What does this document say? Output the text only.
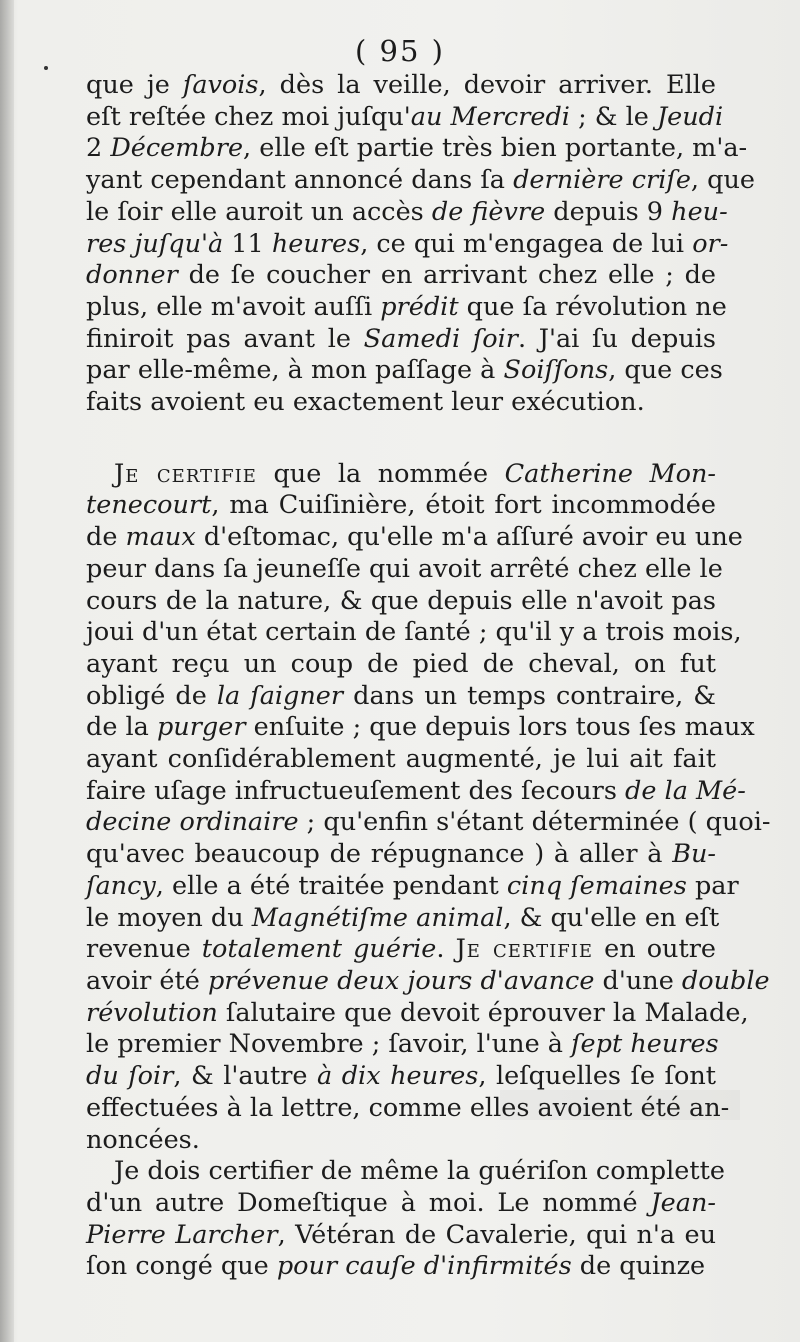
( 95 )
que je ſavois, dès la veille, devoir arriver. Elle
eſt reſtée chez moi juſqu'au Mercredi ; & le Jeudi
2 Décembre, elle eſt partie très bien portante, m'a-
yant cependant annoncé dans ſa dernière criſe, que
le ſoir elle auroit un accès de fièvre depuis 9 heu-
res juſqu'à 11 heures, ce qui m'engagea de lui or-
donner de ſe coucher en arrivant chez elle ; de
plus, elle m'avoit auſſi prédit que ſa révolution ne
finiroit pas avant le Samedi ſoir. J'ai ſu depuis
par elle-même, à mon paſſage à Soiſſons, que ces
faits avoient eu exactement leur exécution.
Je certifie que la nommée Catherine Mon-
tenecourt, ma Cuiſinière, étoit fort incommodée
de maux d'eſtomac, qu'elle m'a aſſuré avoir eu une
peur dans ſa jeuneſſe qui avoit arrêté chez elle le
cours de la nature, & que depuis elle n'avoit pas
joui d'un état certain de ſanté ; qu'il y a trois mois,
ayant reçu un coup de pied de cheval, on fut
obligé de la ſaigner dans un temps contraire, &
de la purger enſuite ; que depuis lors tous ſes maux
ayant conſidérablement augmenté, je lui ait fait
faire uſage infructueuſement des ſecours de la Mé-
decine ordinaire ; qu'enfin s'étant déterminée ( quoi-
qu'avec beaucoup de répugnance ) à aller à Bu-
ſancy, elle a été traitée pendant cinq ſemaines par
le moyen du Magnétiſme animal, & qu'elle en eſt
revenue totalement guérie. Je certifie en outre
avoir été prévenue deux jours d'avance d'une double
révolution ſalutaire que devoit éprouver la Malade,
le premier Novembre ; ſavoir, l'une à ſept heures
du ſoir, & l'autre à dix heures, leſquelles ſe ſont
effectuées à la lettre, comme elles avoient été an-
noncées.
Je dois certifier de même la guériſon complette
d'un autre Domeſtique à moi. Le nommé Jean-
Pierre Larcher, Vétéran de Cavalerie, qui n'a eu
ſon congé que pour cauſe d'infirmités de quinze
